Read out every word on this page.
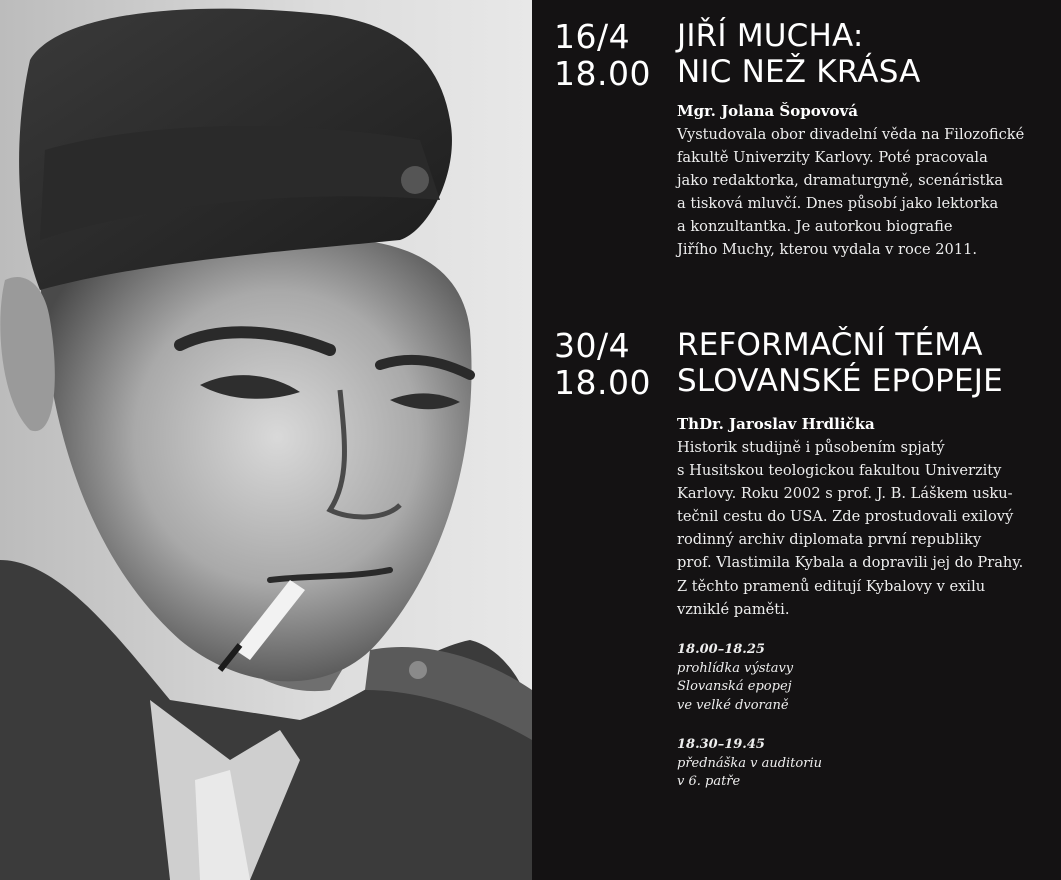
16/4
18.00
JIŘÍ MUCHA:
NIC NEŽ KRÁSA
Mgr. Jolana Šopovová
Vystudovala obor divadelní věda na Filozofické
fakultě Univerzity Karlovy. Poté pracovala
jako redaktorka, dramaturgyně, scenáristka
a tisková mluvčí. Dnes působí jako lektorka
a konzultantka. Je autorkou biografie
Jiřího Muchy, kterou vydala v roce 2011.
30/4
18.00
REFORMAČNÍ TÉMA
SLOVANSKÉ EPOPEJE
ThDr. Jaroslav Hrdlička
Historik studijně i působením spjatý
s Husitskou teologickou fakultou Univerzity
Karlovy. Roku 2002 s prof. J. B. Láškem usku-
tečnil cestu do USA. Zde prostudovali exilový
rodinný archiv diplomata první republiky
prof. Vlastimila Kybala a dopravili jej do Prahy.
Z těchto pramenů editují Kybalovy v exilu
vzniklé paměti.
18.00–18.25
prohlídka výstavy
Slovanská epopej
ve velké dvoraně
18.30–19.45
přednáška v auditoriu
v 6. patře
